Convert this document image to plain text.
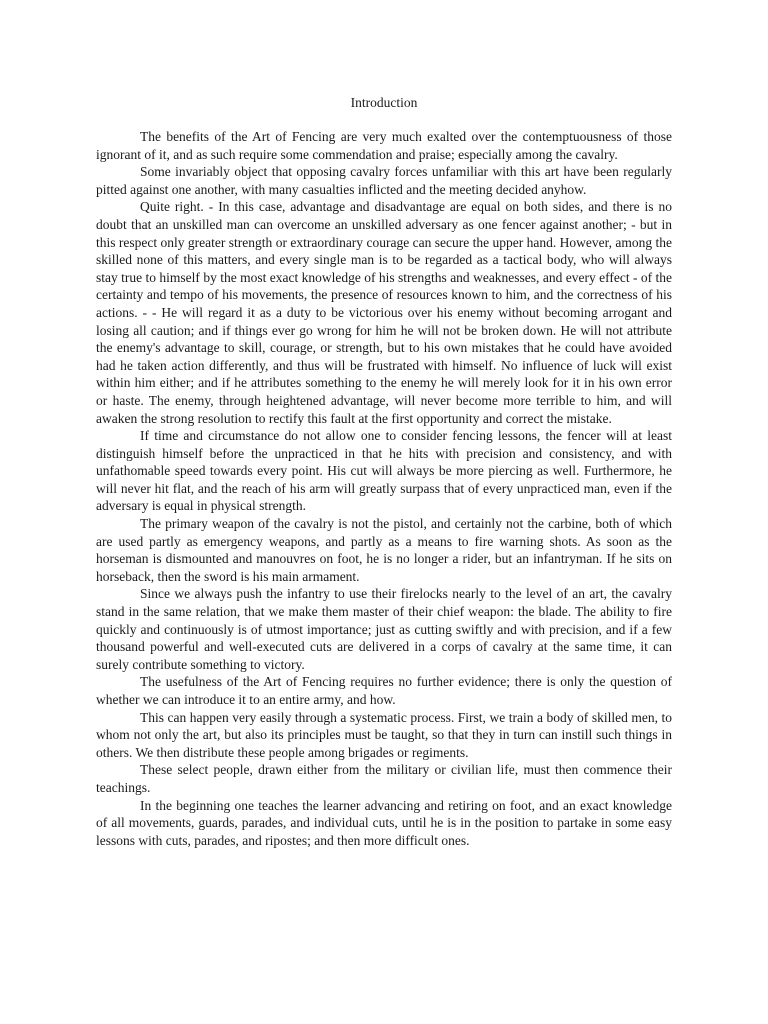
Introduction

The benefits of the Art of Fencing are very much exalted over the contemptuousness of those ignorant of it, and as such require some commendation and praise; especially among the cavalry.

Some invariably object that opposing cavalry forces unfamiliar with this art have been regularly pitted against one another, with many casualties inflicted and the meeting decided anyhow.

Quite right. - In this case, advantage and disadvantage are equal on both sides, and there is no doubt that an unskilled man can overcome an unskilled adversary as one fencer against another; - but in this respect only greater strength or extraordinary courage can secure the upper hand. However, among the skilled none of this matters, and every single man is to be regarded as a tactical body, who will always stay true to himself by the most exact knowledge of his strengths and weaknesses, and every effect - of the certainty and tempo of his movements, the presence of resources known to him, and the correctness of his actions. - - He will regard it as a duty to be victorious over his enemy without becoming arrogant and losing all caution; and if things ever go wrong for him he will not be broken down. He will not attribute the enemy's advantage to skill, courage, or strength, but to his own mistakes that he could have avoided had he taken action differently, and thus will be frustrated with himself. No influence of luck will exist within him either; and if he attributes something to the enemy he will merely look for it in his own error or haste. The enemy, through heightened advantage, will never become more terrible to him, and will awaken the strong resolution to rectify this fault at the first opportunity and correct the mistake.

If time and circumstance do not allow one to consider fencing lessons, the fencer will at least distinguish himself before the unpracticed in that he hits with precision and consistency, and with unfathomable speed towards every point. His cut will always be more piercing as well. Furthermore, he will never hit flat, and the reach of his arm will greatly surpass that of every unpracticed man, even if the adversary is equal in physical strength.

The primary weapon of the cavalry is not the pistol, and certainly not the carbine, both of which are used partly as emergency weapons, and partly as a means to fire warning shots. As soon as the horseman is dismounted and manouvres on foot, he is no longer a rider, but an infantryman. If he sits on horseback, then the sword is his main armament.

Since we always push the infantry to use their firelocks nearly to the level of an art, the cavalry stand in the same relation, that we make them master of their chief weapon: the blade. The ability to fire quickly and continuously is of utmost importance; just as cutting swiftly and with precision, and if a few thousand powerful and well-executed cuts are delivered in a corps of cavalry at the same time, it can surely contribute something to victory.

The usefulness of the Art of Fencing requires no further evidence; there is only the question of whether we can introduce it to an entire army, and how.

This can happen very easily through a systematic process. First, we train a body of skilled men, to whom not only the art, but also its principles must be taught, so that they in turn can instill such things in others. We then distribute these people among brigades or regiments.

These select people, drawn either from the military or civilian life, must then commence their teachings.

In the beginning one teaches the learner advancing and retiring on foot, and an exact knowledge of all movements, guards, parades, and individual cuts, until he is in the position to partake in some easy lessons with cuts, parades, and ripostes; and then more difficult ones.
